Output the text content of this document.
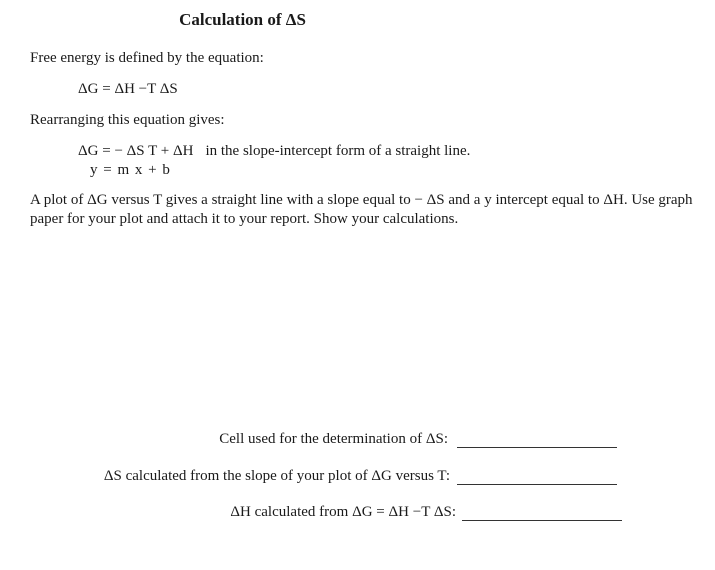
Calculation of ΔS
Free energy is defined by the equation:
ΔG = ΔH −T ΔS
Rearranging this equation gives:
ΔG = − ΔS T + ΔH in the slope-intercept form of a straight line.
y = m x + b
A plot of ΔG versus T gives a straight line with a slope equal to − ΔS and a y intercept equal to ΔH. Use graph paper for your plot and attach it to your report. Show your calculations.
Cell used for the determination of ΔS:
ΔS calculated from the slope of your plot of ΔG versus T:
ΔH calculated from ΔG = ΔH −T ΔS:
